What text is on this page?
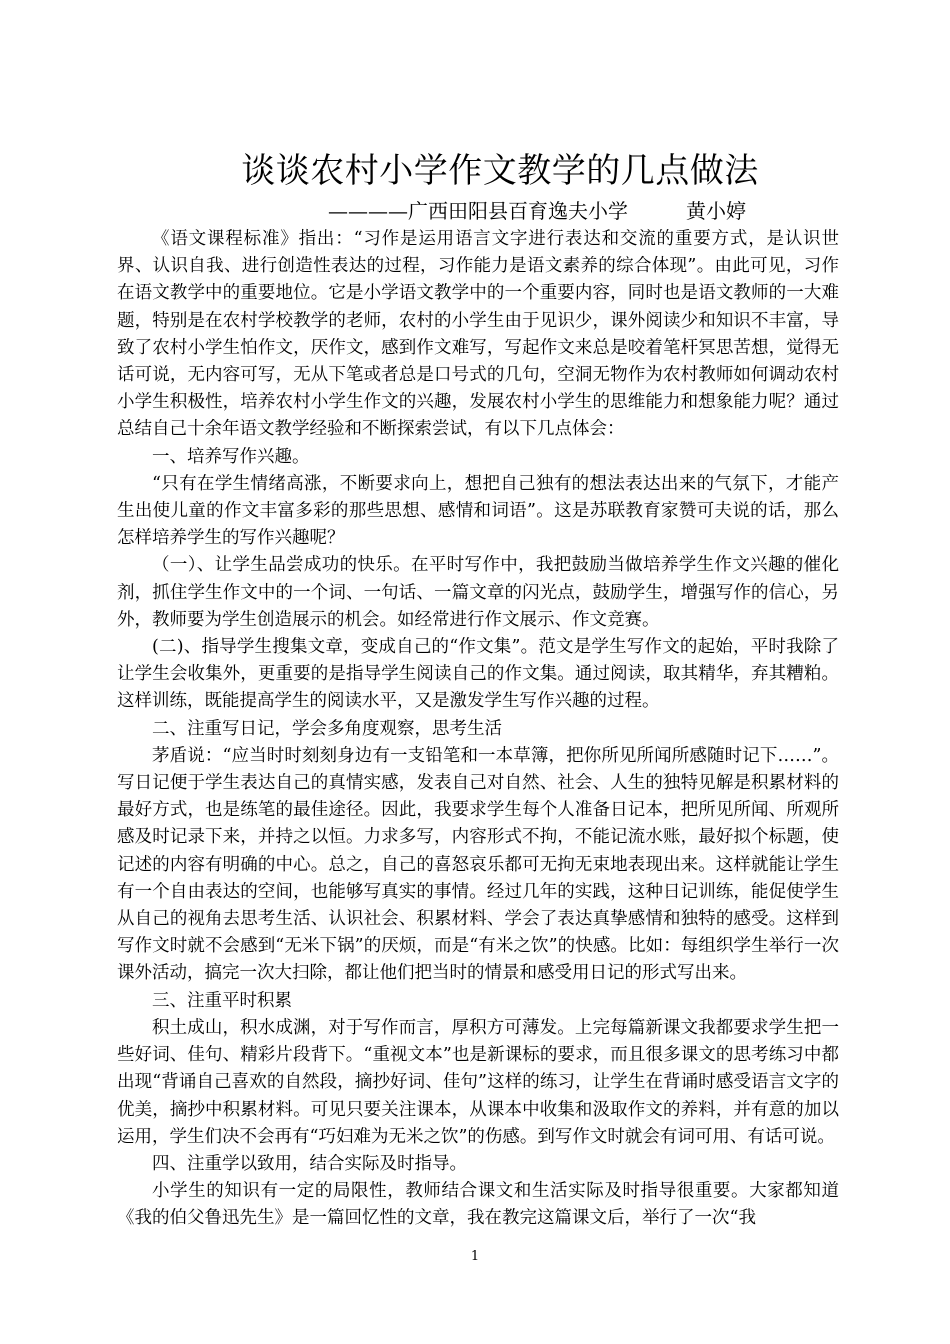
谈谈农村小学作文教学的几点做法
————广西田阳县百育逸夫小学	黄小婷

《语文课程标准》指出：“习作是运用语言文字进行表达和交流的重要方式，是认识世界、认识自我、进行创造性表达的过程，习作能力是语文素养的综合体现”。由此可见，习作在语文教学中的重要地位。它是小学语文教学中的一个重要内容，同时也是语文教师的一大难题，特别是在农村学校教学的老师，农村的小学生由于见识少，课外阅读少和知识不丰富，导致了农村小学生怕作文，厌作文，感到作文难写，写起作文来总是咬着笔杆冥思苦想，觉得无话可说，无内容可写，无从下笔或者总是口号式的几句，空洞无物作为农村教师如何调动农村小学生积极性，培养农村小学生作文的兴趣，发展农村小学生的思维能力和想象能力呢？通过总结自己十余年语文教学经验和不断探索尝试，有以下几点体会：

一、培养写作兴趣。

“只有在学生情绪高涨，不断要求向上，想把自己独有的想法表达出来的气氛下，才能产生出使儿童的作文丰富多彩的那些思想、感情和词语”。这是苏联教育家赞可夫说的话，那么怎样培养学生的写作兴趣呢？

（一）、让学生品尝成功的快乐。在平时写作中，我把鼓励当做培养学生作文兴趣的催化剂，抓住学生作文中的一个词、一句话、一篇文章的闪光点，鼓励学生，增强写作的信心，另外，教师要为学生创造展示的机会。如经常进行作文展示、作文竞赛。

(二)、指导学生搜集文章，变成自己的“作文集”。范文是学生写作文的起始，平时我除了让学生会收集外，更重要的是指导学生阅读自己的作文集。通过阅读，取其精华，弃其糟粕。这样训练，既能提高学生的阅读水平，又是激发学生写作兴趣的过程。

二、注重写日记，学会多角度观察，思考生活

茅盾说：“应当时时刻刻身边有一支铅笔和一本草簿，把你所见所闻所感随时记下……”。写日记便于学生表达自己的真情实感，发表自己对自然、社会、人生的独特见解是积累材料的最好方式，也是练笔的最佳途径。因此，我要求学生每个人准备日记本，把所见所闻、所观所感及时记录下来，并持之以恒。力求多写，内容形式不拘，不能记流水账，最好拟个标题，使记述的内容有明确的中心。总之，自己的喜怒哀乐都可无拘无束地表现出来。这样就能让学生有一个自由表达的空间，也能够写真实的事情。经过几年的实践，这种日记训练，能促使学生从自己的视角去思考生活、认识社会、积累材料、学会了表达真挚感情和独特的感受。这样到写作文时就不会感到“无米下锅”的厌烦，而是“有米之饮”的快感。比如：每组织学生举行一次课外活动，搞完一次大扫除，都让他们把当时的情景和感受用日记的形式写出来。

三、注重平时积累

积土成山，积水成渊，对于写作而言，厚积方可薄发。上完每篇新课文我都要求学生把一些好词、佳句、精彩片段背下。“重视文本”也是新课标的要求，而且很多课文的思考练习中都出现“背诵自己喜欢的自然段，摘抄好词、佳句”这样的练习，让学生在背诵时感受语言文字的优美，摘抄中积累材料。可见只要关注课本，从课本中收集和汲取作文的养料，并有意的加以运用，学生们决不会再有“巧妇难为无米之饮”的伤感。到写作文时就会有词可用、有话可说。

四、注重学以致用，结合实际及时指导。

小学生的知识有一定的局限性，教师结合课文和生活实际及时指导很重要。大家都知道《我的伯父鲁迅先生》是一篇回忆性的文章，我在教完这篇课文后，举行了一次“我

1
